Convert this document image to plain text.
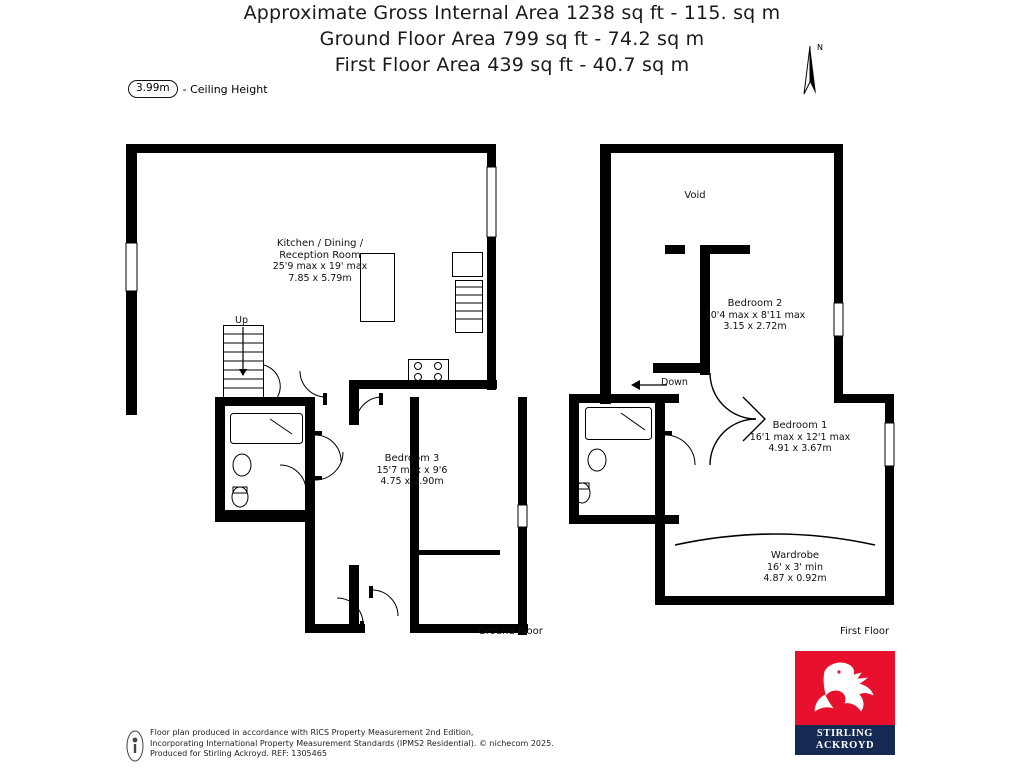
Approximate Gross Internal Area 1238 sq ft - 115. sq m
Ground Floor Area 799 sq ft - 74.2 sq m
First Floor Area 439 sq ft - 40.7 sq m
3.99m	- Ceiling Height
N
Up
Kitchen / Dining /
Reception Room
25'9 max x 19' max
7.85 x 5.79m
Bedroom 3
15'7 max x 9'6
4.75 x 2.90m
Ground Floor
Void
Bedroom 2
10'4 max x 8'11 max
3.15 x 2.72m
Down
Bedroom 1
16'1 max x 12'1 max
4.91 x 3.67m
Wardrobe
16' x 3' min
4.87 x 0.92m
First Floor
Floor plan produced in accordance with RICS Property Measurement 2nd Edition,
Incorporating International Property Measurement Standards (IPMS2 Residential). © nichecom 2025.
Produced for Stirling Ackroyd. REF: 1305465
STIRLING
ACKROYD
